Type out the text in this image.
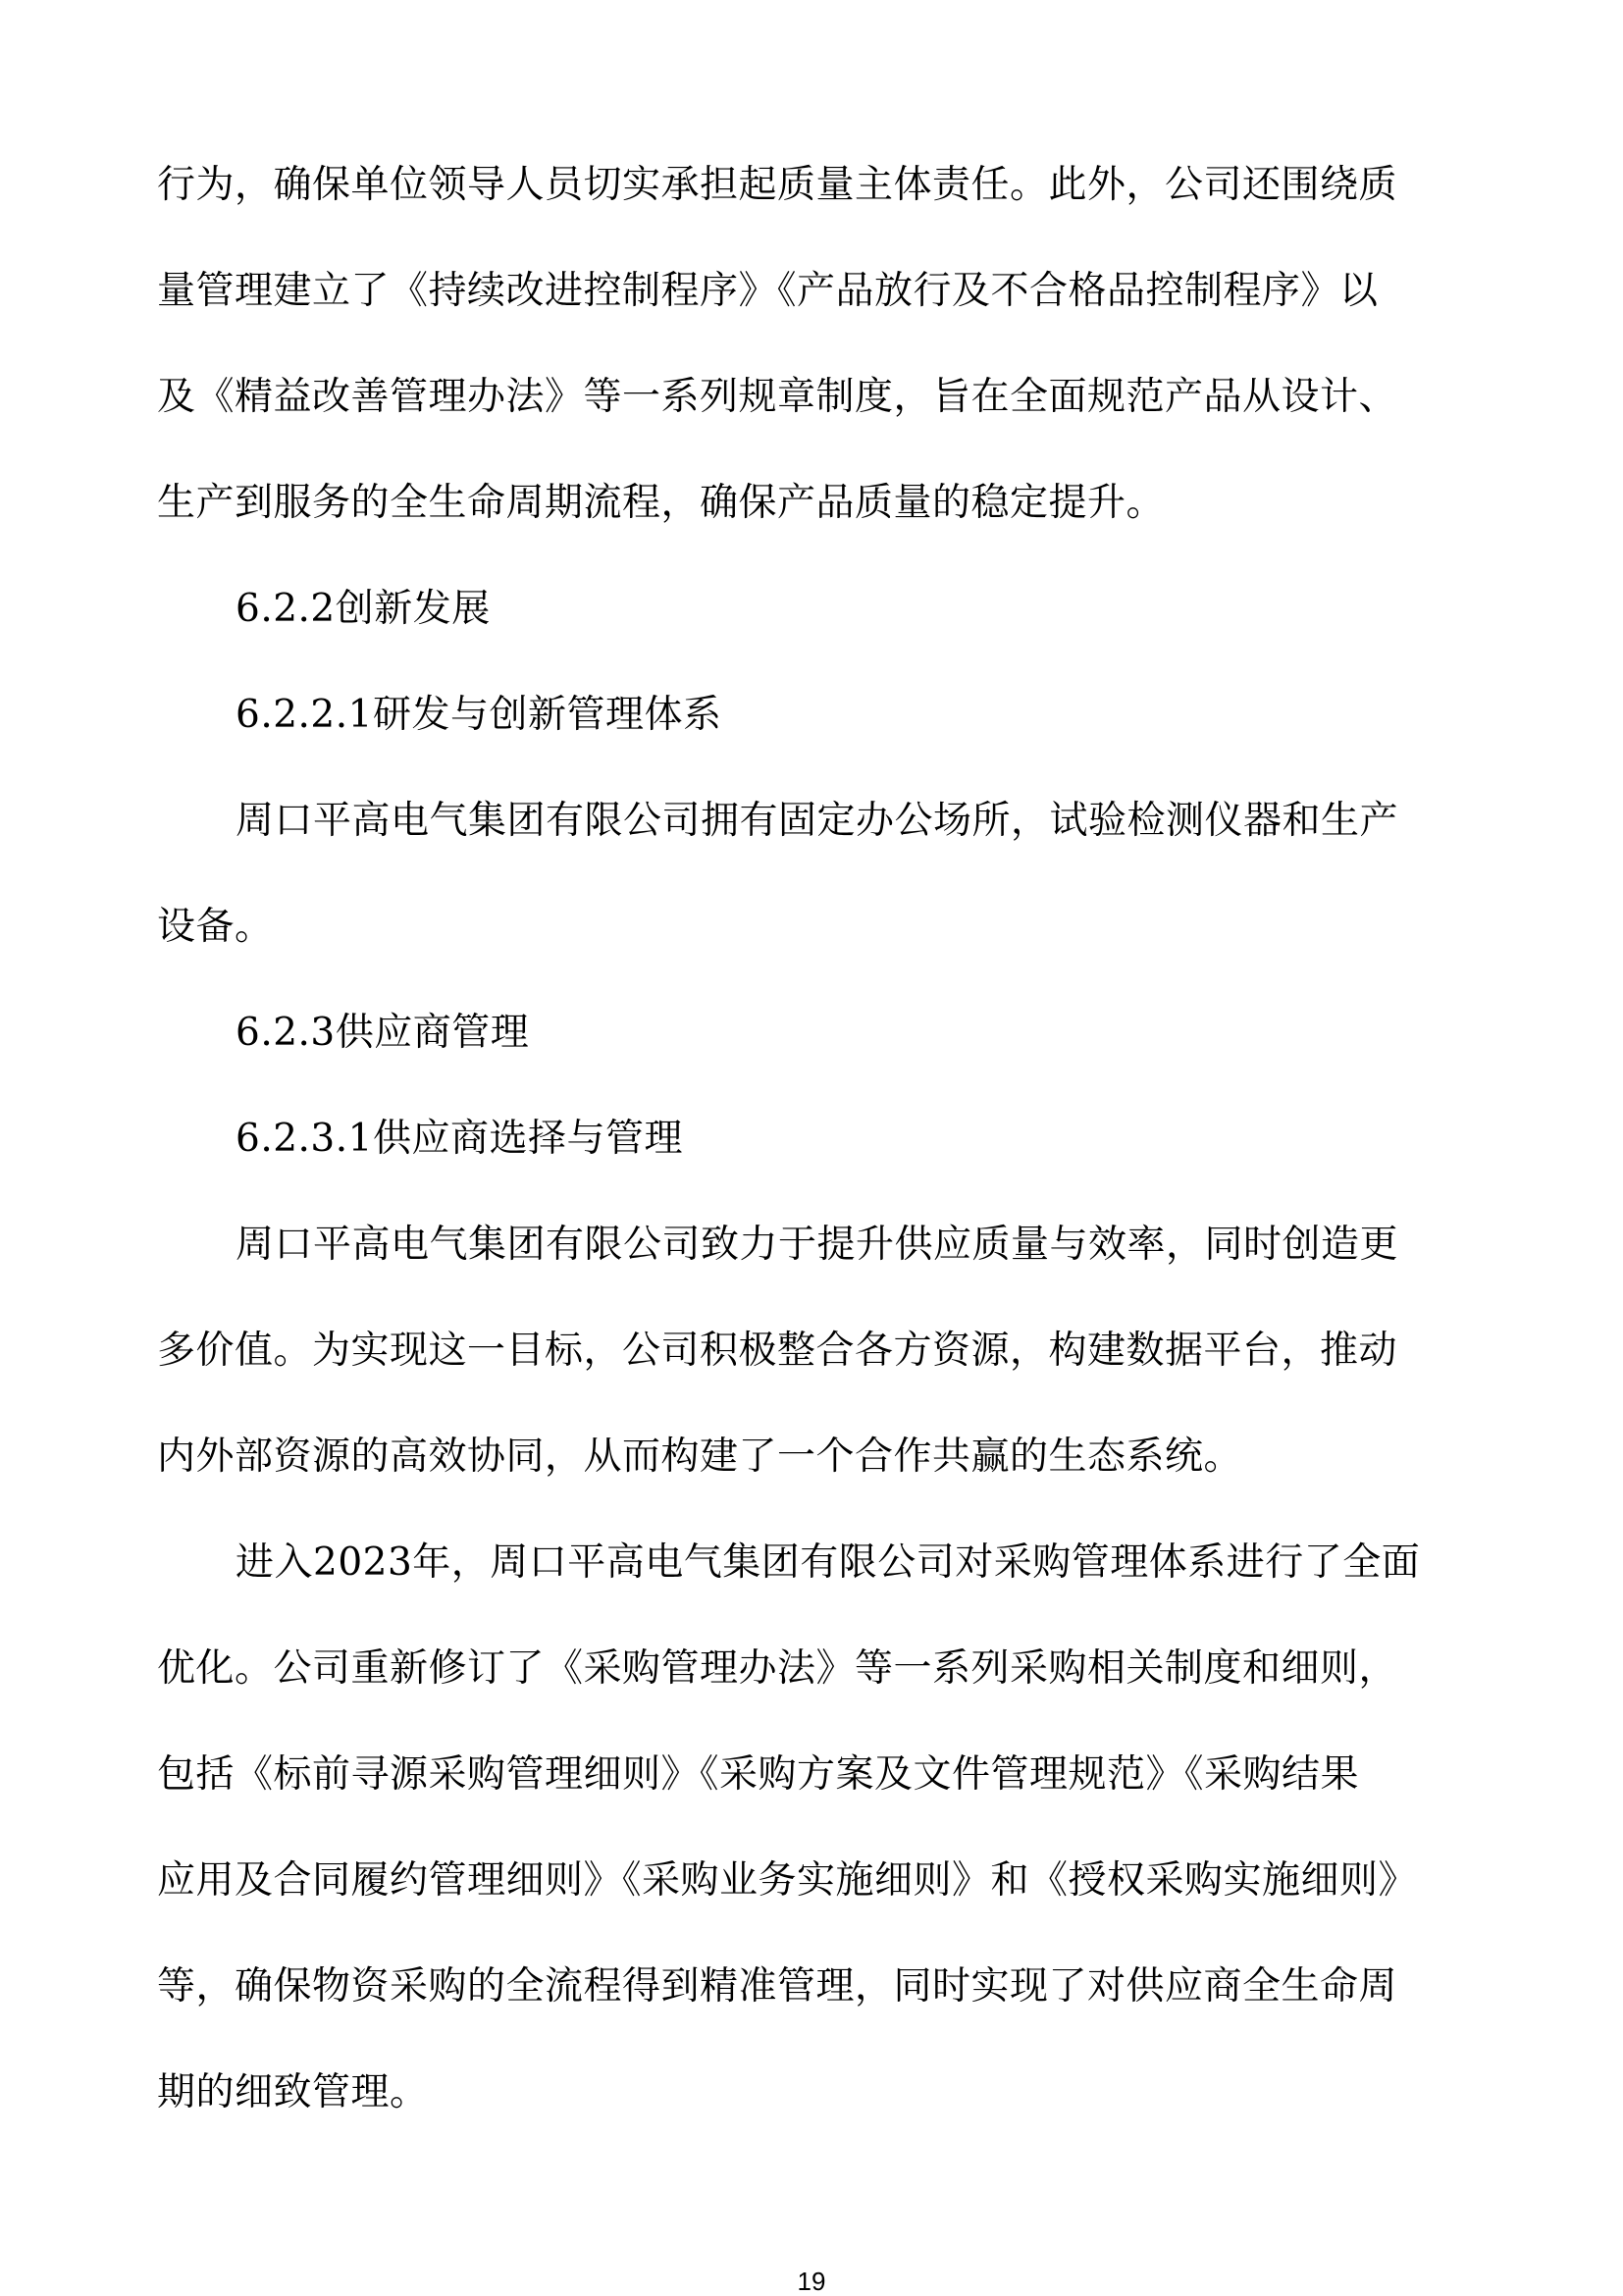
行为，确保单位领导人员切实承担起质量主体责任。此外，公司还围绕质
量管理建立了《持续改进控制程序》《产品放行及不合格品控制程序》以
及《精益改善管理办法》等一系列规章制度，旨在全面规范产品从设计、
生产到服务的全生命周期流程，确保产品质量的稳定提升。
6.2.2创新发展
6.2.2.1研发与创新管理体系
周口平高电气集团有限公司拥有固定办公场所，试验检测仪器和生产
设备。
6.2.3供应商管理
6.2.3.1供应商选择与管理
周口平高电气集团有限公司致力于提升供应质量与效率，同时创造更
多价值。为实现这一目标，公司积极整合各方资源，构建数据平台，推动
内外部资源的高效协同，从而构建了一个合作共赢的生态系统。
进入2023年，周口平高电气集团有限公司对采购管理体系进行了全面
优化。公司重新修订了《采购管理办法》等一系列采购相关制度和细则，
包括《标前寻源采购管理细则》《采购方案及文件管理规范》《采购结果
应用及合同履约管理细则》《采购业务实施细则》和《授权采购实施细则》
等，确保物资采购的全流程得到精准管理，同时实现了对供应商全生命周
期的细致管理。
19
